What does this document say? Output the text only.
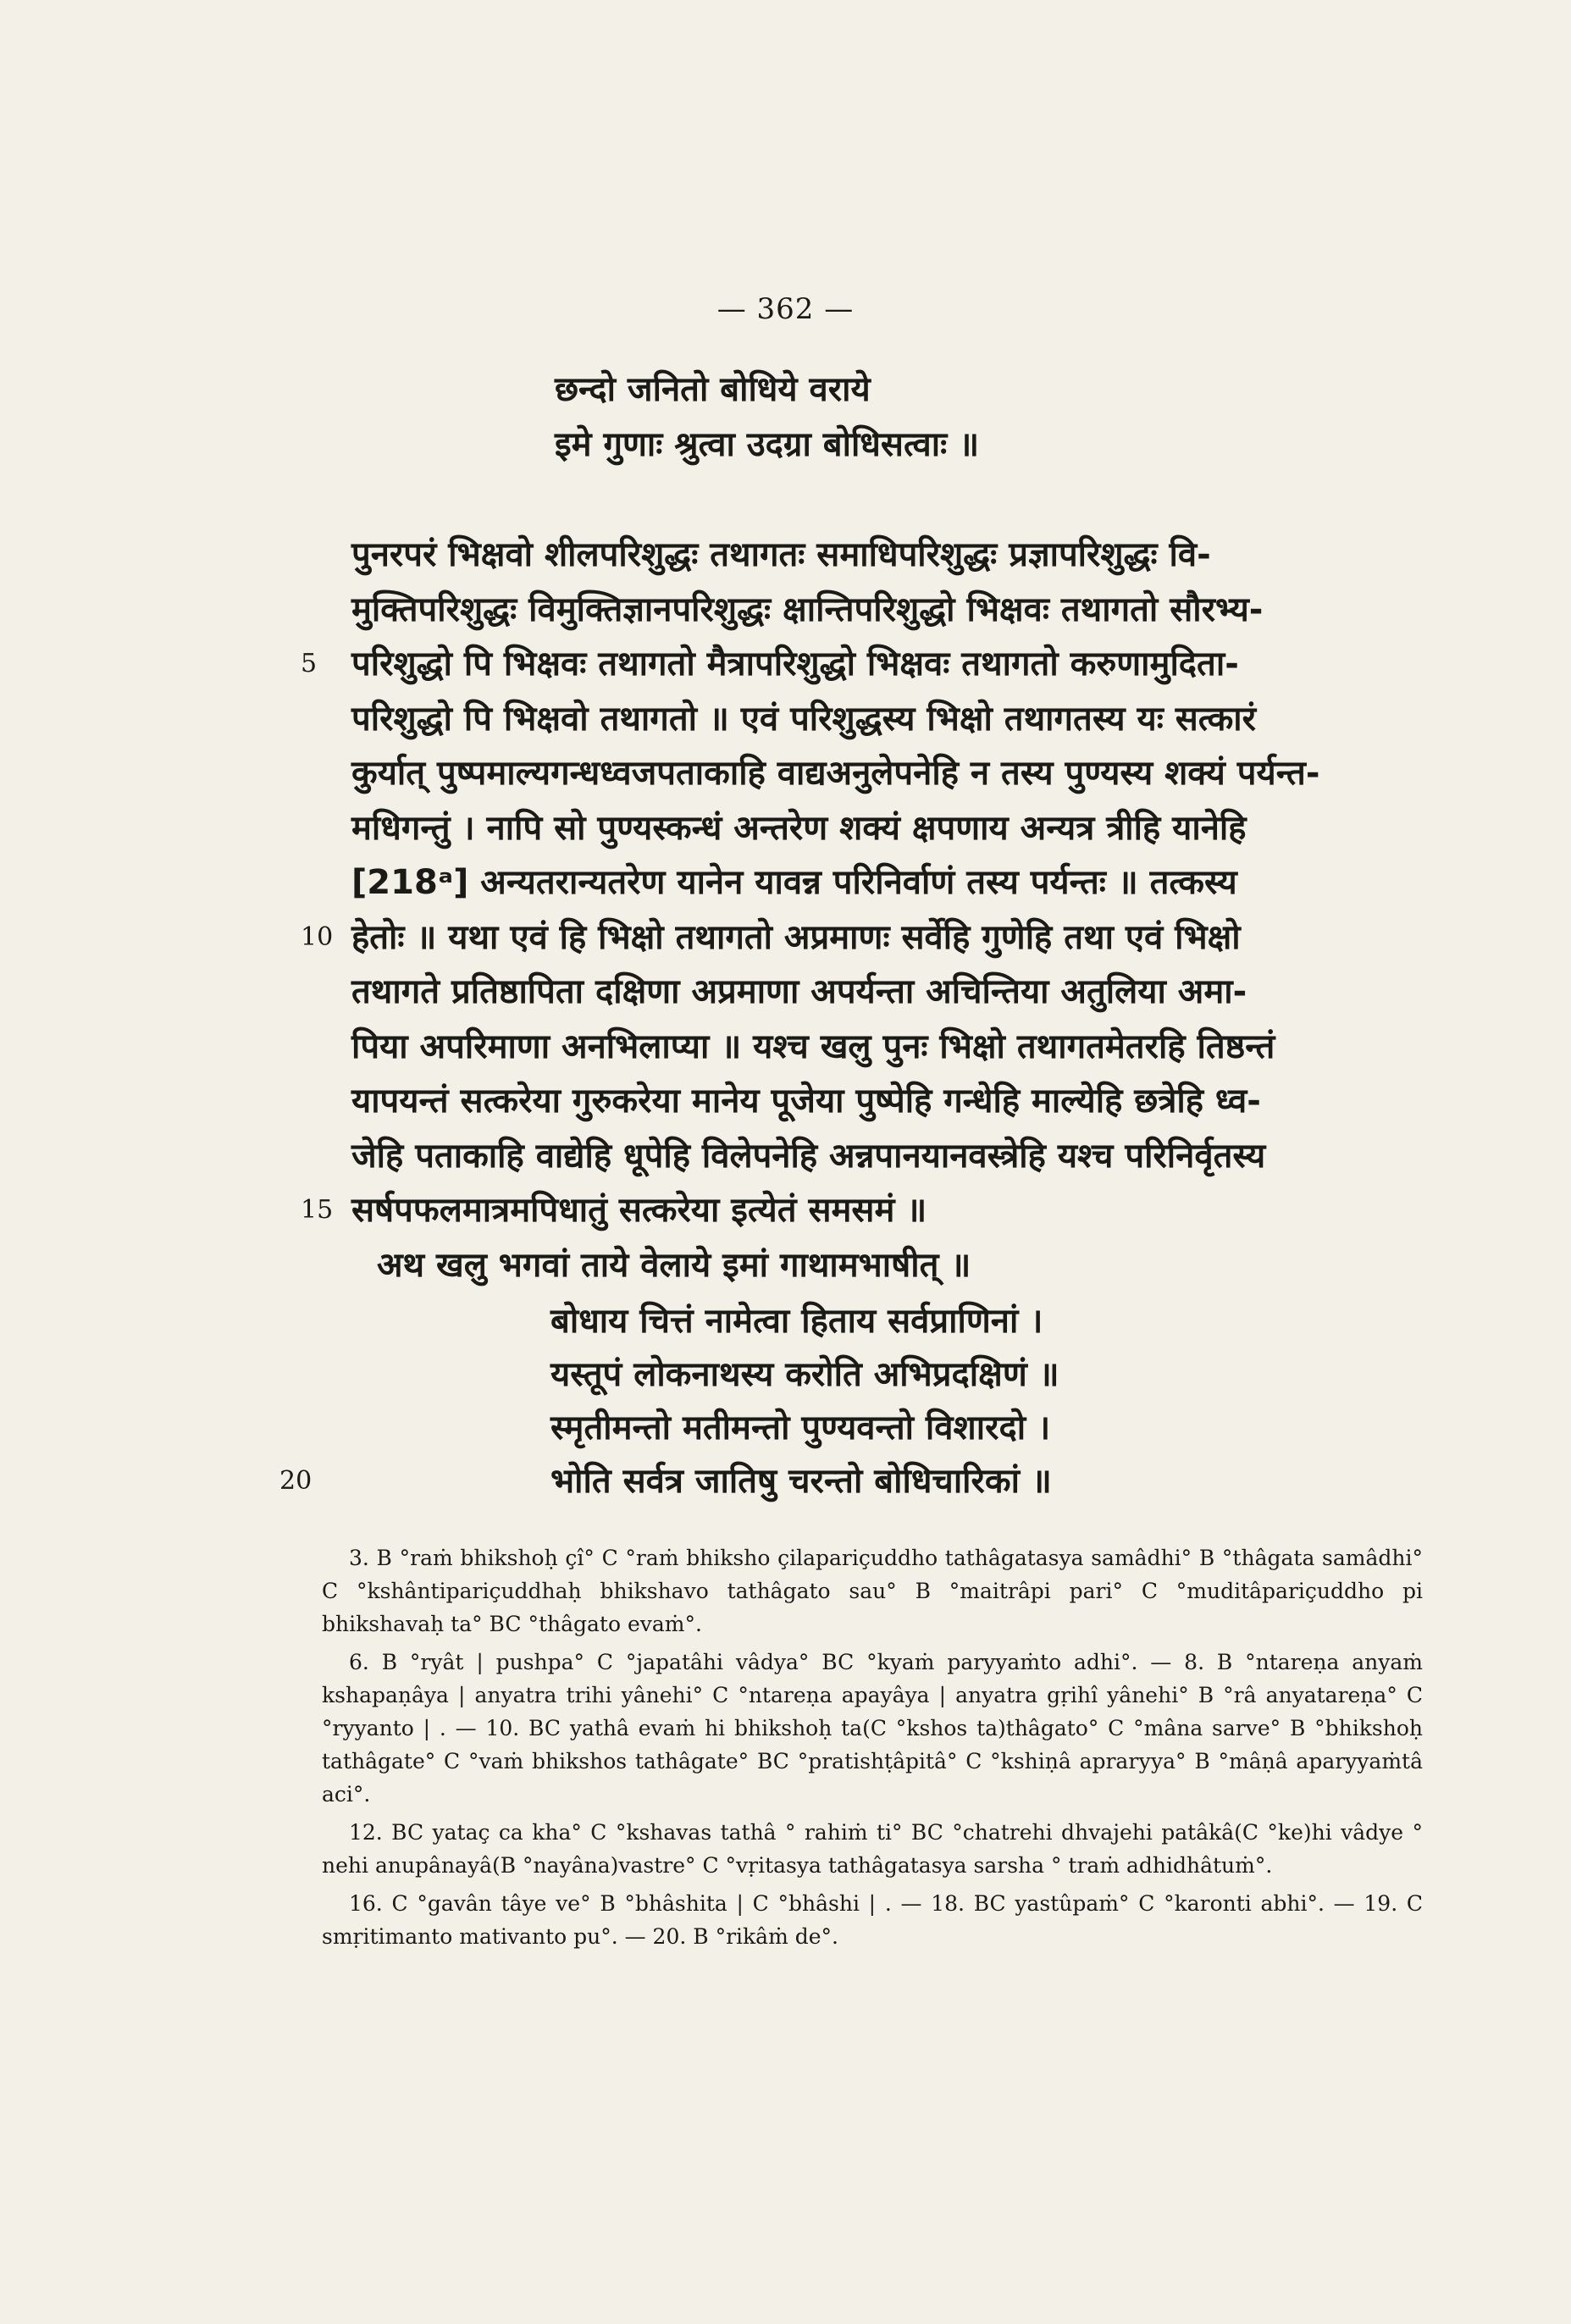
— 362 —
छन्दो जनितो बोधिये वराये
इमे गुणाः श्रुत्वा उदग्रा बोधिसत्वाः ॥
पुनरपरं भिक्षवो शीलपरिशुद्धः तथागतः समाधिपरिशुद्धः प्रज्ञापरिशुद्धः वि-
मुक्तिपरिशुद्धः विमुक्तिज्ञानपरिशुद्धः क्षान्तिपरिशुद्धो भिक्षवः तथागतो सौरभ्य-
परिशुद्धो पि भिक्षवः तथागतो मैत्रापरिशुद्धो भिक्षवः तथागतो करुणामुदिता-
5
परिशुद्धो पि भिक्षवो तथागतो ॥ एवं परिशुद्धस्य भिक्षो तथागतस्य यः सत्कारं
कुर्यात् पुष्पमाल्यगन्धध्वजपताकाहि वाद्यअनुलेपनेहि न तस्य पुण्यस्य शक्यं पर्यन्त-
मधिगन्तुं । नापि सो पुण्यस्कन्धं अन्तरेण शक्यं क्षपणाय अन्यत्र त्रीहि यानेहि
[218ᵃ] अन्यतरान्यतरेण यानेन यावन्न परिनिर्वाणं तस्य पर्यन्तः ॥ तत्कस्य
हेतोः ॥ यथा एवं हि भिक्षो तथागतो अप्रमाणः सर्वेहि गुणेहि तथा एवं भिक्षो
10
तथागते प्रतिष्ठापिता दक्षिणा अप्रमाणा अपर्यन्ता अचिन्तिया अतुलिया अमा-
पिया अपरिमाणा अनभिलाप्या ॥ यश्च खलु पुनः भिक्षो तथागतमेतरहि तिष्ठन्तं
यापयन्तं सत्करेया गुरुकरेया मानेय पूजेया पुष्पेहि गन्धेहि माल्येहि छत्रेहि ध्व-
जेहि पताकाहि वाद्येहि धूपेहि विलेपनेहि अन्नपानयानवस्त्रेहि यश्च परिनिर्वृतस्य
सर्षपफलमात्रमपिधातुं सत्करेया इत्येतं समसमं ॥
15
अथ खलु भगवां ताये वेलाये इमां गाथामभाषीत् ॥
बोधाय चित्तं नामेत्वा हिताय सर्वप्राणिनां ।
यस्तूपं लोकनाथस्य करोति अभिप्रदक्षिणं ॥
स्मृतीमन्तो मतीमन्तो पुण्यवन्तो विशारदो ।
भोति सर्वत्र जातिषु चरन्तो बोधिचारिकां ॥
20

3. B °raṁ bhikshoḥ çî° C °raṁ bhiksho çilapariçuddho tathâgatasya samâdhi° B °thâgata samâdhi° C °kshântipariçuddhaḥ bhikshavo tathâgato sau° B °maitrâpi pari° C °muditâpariçuddho pi bhikshavaḥ ta° BC °thâgato evaṁ°.

6. B °ryât | pushpa° C °japatâhi vâdya° BC °kyaṁ paryyaṁto adhi°. — 8. B °ntareṇa anyaṁ kshapaṇâya | anyatra trihi yânehi° C °ntareṇa apayâya | anyatra gṛihî yânehi° B °râ anyatareṇa° C °ryyanto | . — 10. BC yathâ evaṁ hi bhikshoḥ ta(C °kshos ta)thâgato° C °mâna sarve° B °bhikshoḥ tathâgate° C °vaṁ bhikshos tathâgate° BC °pratishṭâpitâ° C °kshiṇâ aprarуya° B °mâṇâ aparyyaṁtâ aci°.

12. BC yataç ca kha° C °kshavas tathâ ° rahiṁ ti° BC °chatrehi dhvajehi patâkâ(C °ke)hi vâdye ° nehi anupânayâ(B °nayâna)vastre° C °vṛitasya tathâgatasya sarsha ° traṁ adhidhâtuṁ°.

16. C °gavân tâye ve° B °bhâshita | C °bhâshi | . — 18. BC yastûpaṁ° C °karonti abhi°. — 19. C smṛitimanto mativanto pu°. — 20. B °rikâṁ de°.
